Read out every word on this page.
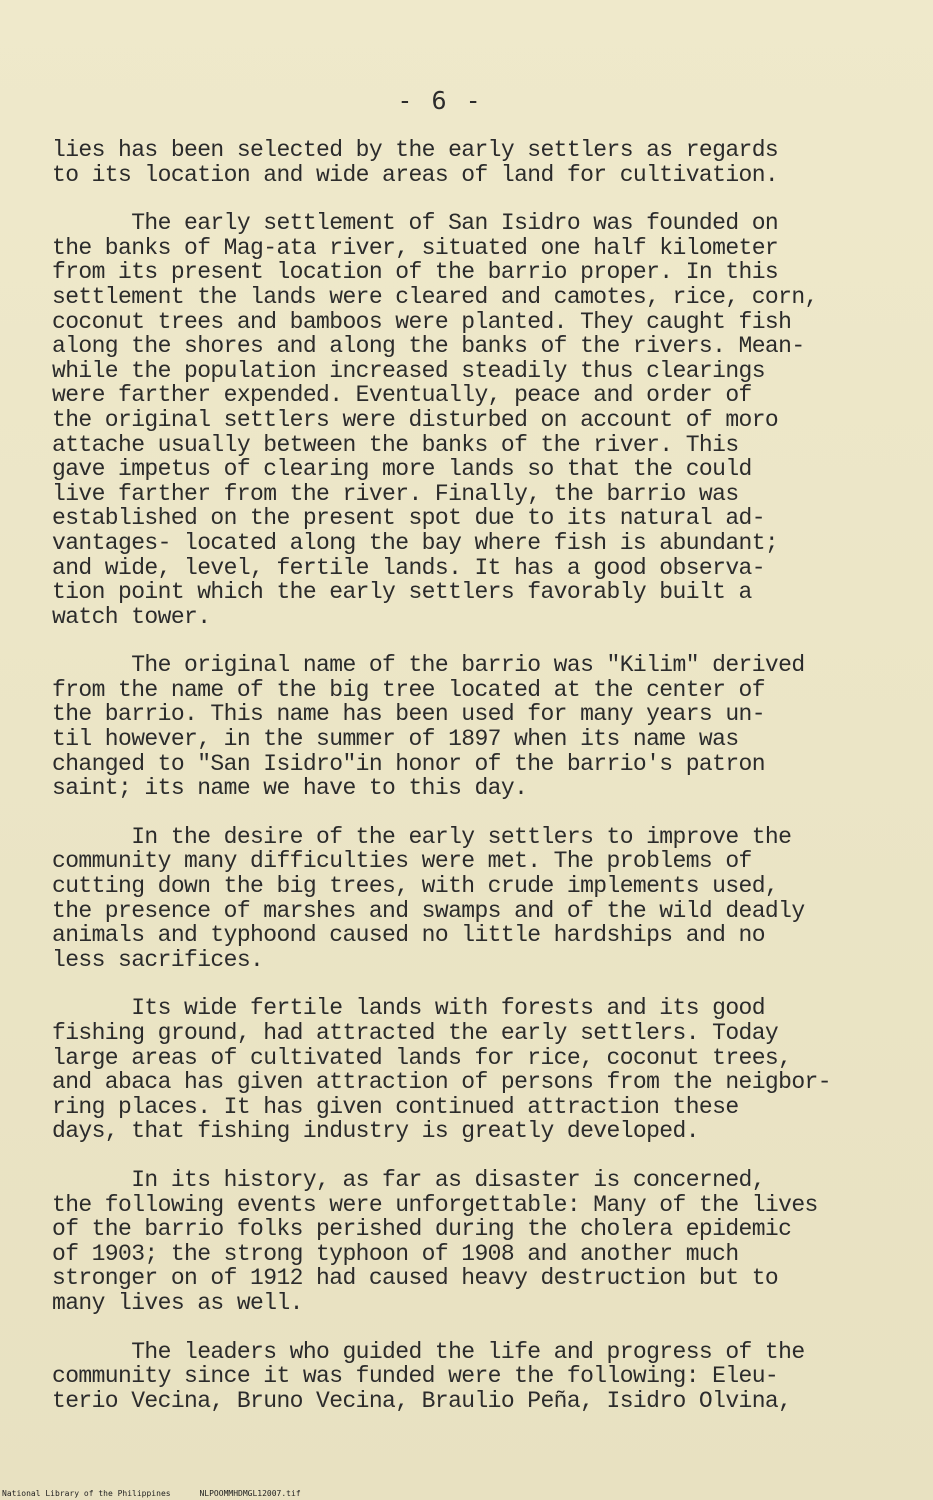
- 6 -
lies has been selected by the early settlers as regards
to its location and wide areas of land for cultivation.
The early settlement of San Isidro was founded on
the banks of Mag-ata river, situated one half kilometer
from its present location of the barrio proper. In this
settlement the lands were cleared and camotes, rice, corn,
coconut trees and bamboos were planted. They caught fish
along the shores and along the banks of the rivers. Mean-
while the population increased steadily thus clearings
were farther expended. Eventually, peace and order of
the original settlers were disturbed on account of moro
attache usually between the banks of the river. This
gave impetus of clearing more lands so that the could
live farther from the river. Finally, the barrio was
established on the present spot due to its natural ad-
vantages- located along the bay where fish is abundant;
and wide, level, fertile lands. It has a good observa-
tion point which the early settlers favorably built a
watch tower.
The original name of the barrio was "Kilim" derived
from the name of the big tree located at the center of
the barrio. This name has been used for many years un-
til however, in the summer of 1897 when its name was
changed to "San Isidro"in honor of the barrio's patron
saint; its name we have to this day.
In the desire of the early settlers to improve the
community many difficulties were met. The problems of
cutting down the big trees, with crude implements used,
the presence of marshes and swamps and of the wild deadly
animals and typhoond caused no little hardships and no
less sacrifices.
Its wide fertile lands with forests and its good
fishing ground, had attracted the early settlers. Today
large areas of cultivated lands for rice, coconut trees,
and abaca has given attraction of persons from the neigbor-
ring places. It has given continued attraction these
days, that fishing industry is greatly developed.
In its history, as far as disaster is concerned,
the following events were unforgettable: Many of the lives
of the barrio folks perished during the cholera epidemic
of 1903; the strong typhoon of 1908 and another much
stronger on of 1912 had caused heavy destruction but to
many lives as well.
The leaders who guided the life and progress of the
community since it was funded were the following: Eleu-
terio Vecina, Bruno Vecina, Braulio Peña, Isidro Olvina,
National Library of the Philippines	NLPOOMMHDMGL12007.tif
